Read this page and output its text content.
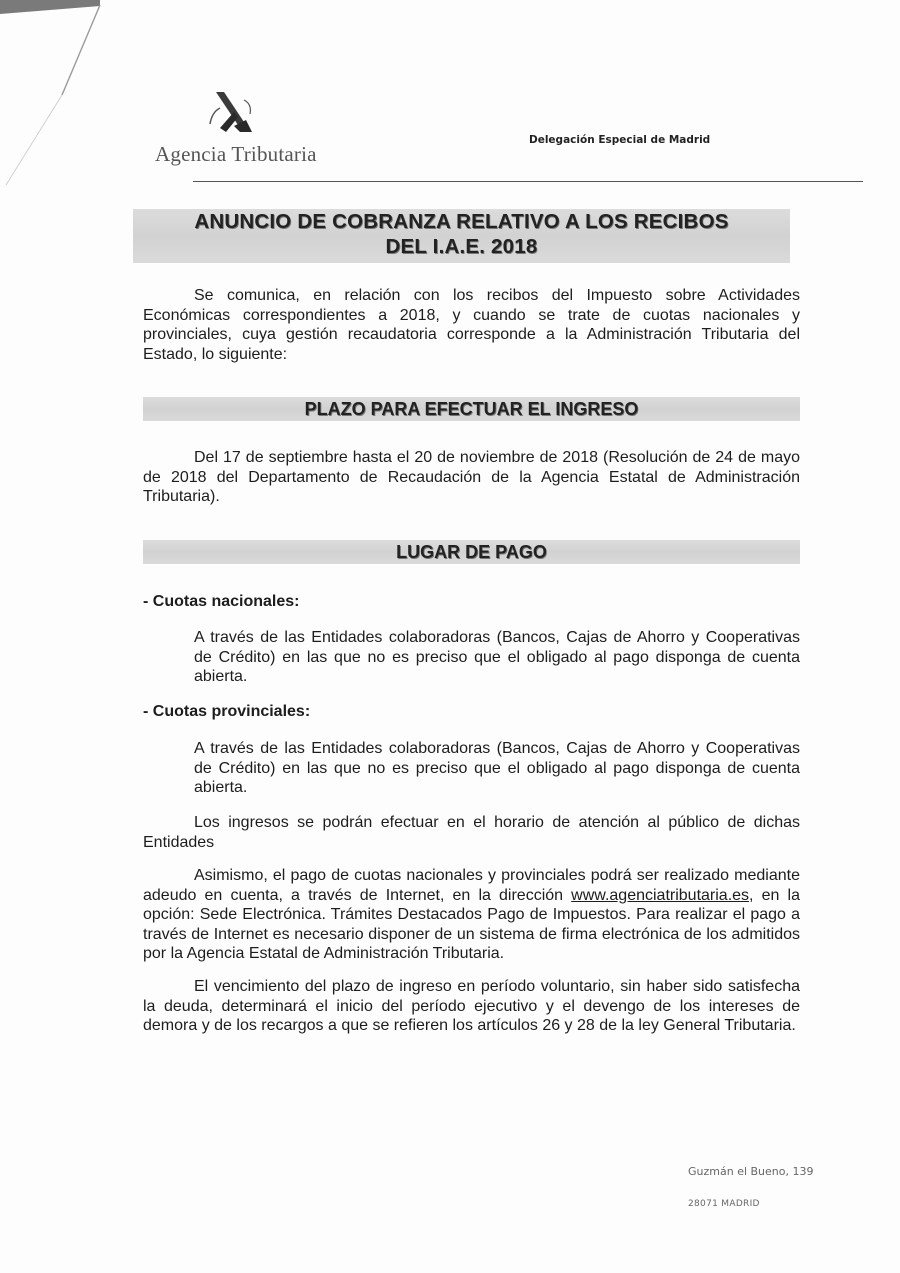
Agencia Tributaria
Delegación Especial de Madrid
ANUNCIO DE COBRANZA RELATIVO A LOS RECIBOS
DEL I.A.E. 2018

Se comunica, en relación con los recibos del Impuesto sobre Actividades Económicas correspondientes a 2018, y cuando se trate de cuotas nacionales y provinciales, cuya gestión recaudatoria corresponde a la Administración Tributaria del Estado, lo siguiente:

PLAZO PARA EFECTUAR EL INGRESO

Del 17 de septiembre hasta el 20 de noviembre de 2018 (Resolución de 24 de mayo de 2018 del Departamento de Recaudación de la Agencia Estatal de Administración Tributaria).

LUGAR DE PAGO
- Cuotas nacionales:

A través de las Entidades colaboradoras (Bancos, Cajas de Ahorro y Cooperativas de Crédito) en las que no es preciso que el obligado al pago disponga de cuenta abierta.

- Cuotas provinciales:

A través de las Entidades colaboradoras (Bancos, Cajas de Ahorro y Cooperativas de Crédito) en las que no es preciso que el obligado al pago disponga de cuenta abierta.

Los ingresos se podrán efectuar en el horario de atención al público de dichas Entidades

Asimismo, el pago de cuotas nacionales y provinciales podrá ser realizado mediante adeudo en cuenta, a través de Internet, en la dirección www.agenciatributaria.es, en la opción: Sede Electrónica. Trámites Destacados Pago de Impuestos. Para realizar el pago a través de Internet es necesario disponer de un sistema de firma electrónica de los admitidos por la Agencia Estatal de Administración Tributaria.

El vencimiento del plazo de ingreso en período voluntario, sin haber sido satisfecha la deuda, determinará el inicio del período ejecutivo y el devengo de los intereses de demora y de los recargos a que se refieren los artículos 26 y 28 de la ley General Tributaria.

Guzmán el Bueno, 139
28071 MADRID
